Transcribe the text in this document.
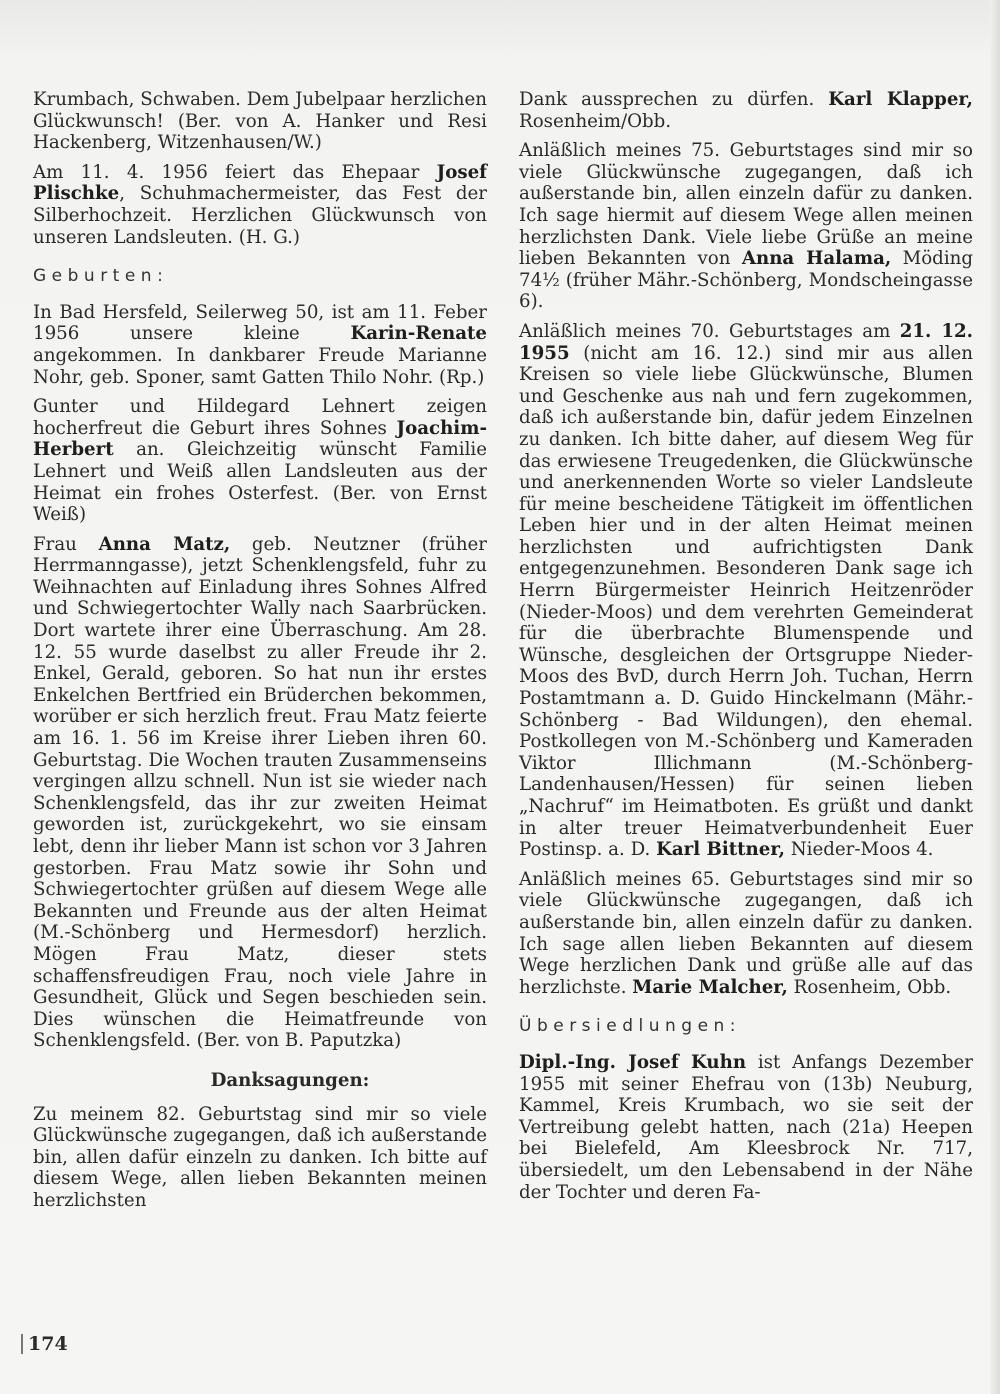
Krumbach, Schwaben. Dem Jubelpaar herzlichen Glückwunsch! (Ber. von A. Hanker und Resi Hackenberg, Witzenhausen/W.)

Am 11. 4. 1956 feiert das Ehepaar Josef Plischke, Schuhmachermeister, das Fest der Silberhochzeit. Herzlichen Glückwunsch von unseren Landsleuten. (H. G.)

Geburten:

In Bad Hersfeld, Seilerweg 50, ist am 11. Feber 1956 unsere kleine Karin-Renate angekommen. In dankbarer Freude Marianne Nohr, geb. Sponer, samt Gatten Thilo Nohr. (Rp.)

Gunter und Hildegard Lehnert zeigen hocherfreut die Geburt ihres Sohnes Joachim-Herbert an. Gleichzeitig wünscht Familie Lehnert und Weiß allen Landsleuten aus der Heimat ein frohes Osterfest. (Ber. von Ernst Weiß)

Frau Anna Matz, geb. Neutzner (früher Herrmanngasse), jetzt Schenklengsfeld, fuhr zu Weihnachten auf Einladung ihres Sohnes Alfred und Schwiegertochter Wally nach Saarbrücken. Dort wartete ihrer eine Überraschung. Am 28. 12. 55 wurde daselbst zu aller Freude ihr 2. Enkel, Gerald, geboren. So hat nun ihr erstes Enkelchen Bertfried ein Brüderchen bekommen, worüber er sich herzlich freut. Frau Matz feierte am 16. 1. 56 im Kreise ihrer Lieben ihren 60. Geburtstag. Die Wochen trauten Zusammenseins vergingen allzu schnell. Nun ist sie wieder nach Schenklengsfeld, das ihr zur zweiten Heimat geworden ist, zurückgekehrt, wo sie einsam lebt, denn ihr lieber Mann ist schon vor 3 Jahren gestorben. Frau Matz sowie ihr Sohn und Schwiegertochter grüßen auf diesem Wege alle Bekannten und Freunde aus der alten Heimat (M.-Schönberg und Hermesdorf) herzlich. Mögen Frau Matz, dieser stets schaffensfreudigen Frau, noch viele Jahre in Gesundheit, Glück und Segen beschieden sein. Dies wünschen die Heimatfreunde von Schenklengsfeld. (Ber. von B. Paputzka)

Danksagungen:

Zu meinem 82. Geburtstag sind mir so viele Glückwünsche zugegangen, daß ich außerstande bin, allen dafür einzeln zu danken. Ich bitte auf diesem Wege, allen lieben Bekannten meinen herzlichsten

Dank aussprechen zu dürfen. Karl Klapper, Rosenheim/Obb.

Anläßlich meines 75. Geburtstages sind mir so viele Glückwünsche zugegangen, daß ich außerstande bin, allen einzeln dafür zu danken. Ich sage hiermit auf diesem Wege allen meinen herzlichsten Dank. Viele liebe Grüße an meine lieben Bekannten von Anna Halama, Möding 74½ (früher Mähr.-Schönberg, Mondscheingasse 6).

Anläßlich meines 70. Geburtstages am 21. 12. 1955 (nicht am 16. 12.) sind mir aus allen Kreisen so viele liebe Glückwünsche, Blumen und Geschenke aus nah und fern zugekommen, daß ich außerstande bin, dafür jedem Einzelnen zu danken. Ich bitte daher, auf diesem Weg für das erwiesene Treugedenken, die Glückwünsche und anerkennenden Worte so vieler Landsleute für meine bescheidene Tätigkeit im öffentlichen Leben hier und in der alten Heimat meinen herzlichsten und aufrichtigsten Dank entgegenzunehmen. Besonderen Dank sage ich Herrn Bürgermeister Heinrich Heitzenröder (Nieder-Moos) und dem verehrten Gemeinderat für die überbrachte Blumenspende und Wünsche, desgleichen der Ortsgruppe Nieder-Moos des BvD, durch Herrn Joh. Tuchan, Herrn Postamtmann a. D. Guido Hinckelmann (Mähr.-Schönberg - Bad Wildungen), den ehemal. Postkollegen von M.-Schönberg und Kameraden Viktor Illichmann (M.-Schönberg-Landenhausen/Hessen) für seinen lieben „Nachruf“ im Heimatboten. Es grüßt und dankt in alter treuer Heimatverbundenheit Euer Postinsp. a. D. Karl Bittner, Nieder-Moos 4.

Anläßlich meines 65. Geburtstages sind mir so viele Glückwünsche zugegangen, daß ich außerstande bin, allen einzeln dafür zu danken. Ich sage allen lieben Bekannten auf diesem Wege herzlichen Dank und grüße alle auf das herzlichste. Marie Malcher, Rosenheim, Obb.

Übersiedlungen:

Dipl.-Ing. Josef Kuhn ist Anfangs Dezember 1955 mit seiner Ehefrau von (13b) Neuburg, Kammel, Kreis Krumbach, wo sie seit der Vertreibung gelebt hatten, nach (21a) Heepen bei Bielefeld, Am Kleesbrock Nr. 717, übersiedelt, um den Lebensabend in der Nähe der Tochter und deren Fa-

174
